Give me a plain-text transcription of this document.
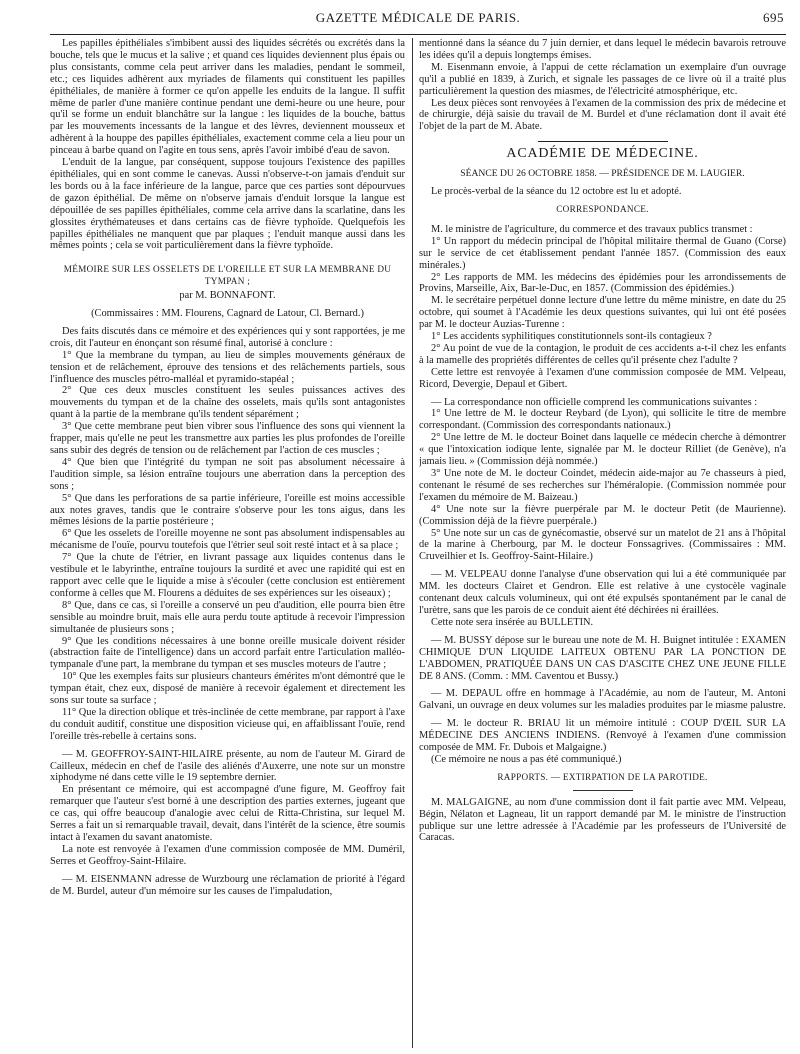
GAZETTE MÉDICALE DE PARIS.	695

Les papilles épithéliales s'imbibent aussi des liquides sécrétés ou excrétés dans la bouche, tels que le mucus et la salive ; et quand ces liquides deviennent plus épais ou plus consistants, comme cela peut arriver dans les maladies, pendant le sommeil, etc.; ces liquides adhèrent aux myriades de filaments qui constituent les papilles épithéliales, de manière à former ce qu'on appelle les enduits de la langue. Il suffit même de parler d'une manière continue pendant une demi-heure ou une heure, pour qu'il se forme un enduit blanchâtre sur la langue : les liquides de la bouche, battus par les mouvements incessants de la langue et des lèvres, deviennent mousseux et adhèrent à la houppe des papilles épithéliales, exactement comme cela a lieu pour un pinceau à barbe quand on l'agite en tous sens, après l'avoir imbibé d'eau de savon.

L'enduit de la langue, par conséquent, suppose toujours l'existence des papilles épithéliales, qui en sont comme le canevas. Aussi n'observe-t-on jamais d'enduit sur les bords ou à la face inférieure de la langue, parce que ces parties sont dépourvues de gazon épithélial. De même on n'observe jamais d'enduit lorsque la langue est dépouillée de ses papilles épithéliales, comme cela arrive dans la scarlatine, dans les glossites érythémateuses et dans certains cas de fièvre typhoïde. Quelquefois les papilles épithéliales ne manquent que par plaques ; l'enduit manque aussi dans les mêmes points ; cela se voit particulièrement dans la fièvre typhoïde.

MÉMOIRE SUR LES OSSELETS DE L'OREILLE ET SUR LA MEMBRANE DU TYMPAN ;
par M. BONNAFONT.
(Commissaires : MM. Flourens, Cagnard de Latour, Cl. Bernard.)

Des faits discutés dans ce mémoire et des expériences qui y sont rapportées, je me crois, dit l'auteur en énonçant son résumé final, autorisé à conclure :

1° Que la membrane du tympan, au lieu de simples mouvements généraux de tension et de relâchement, éprouve des tensions et des relâchements partiels, sous l'influence des muscles pétro-malléal et pyramido-stapéal ;

2° Que ces deux muscles constituent les seules puissances actives des mouvements du tympan et de la chaîne des osselets, mais qu'ils sont antagonistes quant à la partie de la membrane qu'ils tendent séparément ;

3° Que cette membrane peut bien vibrer sous l'influence des sons qui viennent la frapper, mais qu'elle ne peut les transmettre aux parties les plus profondes de l'oreille sans subir des degrés de tension ou de relâchement par l'action de ces muscles ;

4° Que bien que l'intégrité du tympan ne soit pas absolument nécessaire à l'audition simple, sa lésion entraîne toujours une aberration dans la perception des sons ;

5° Que dans les perforations de sa partie inférieure, l'oreille est moins accessible aux notes graves, tandis que le contraire s'observe pour les tons aigus, dans les mêmes lésions de la partie postérieure ;

6° Que les osselets de l'oreille moyenne ne sont pas absolument indispensables au mécanisme de l'ouïe, pourvu toutefois que l'étrier seul soit resté intact et à sa place ;

7° Que la chute de l'étrier, en livrant passage aux liquides contenus dans le vestibule et le labyrinthe, entraîne toujours la surdité et avec une rapidité qui est en rapport avec celle que le liquide a mise à s'écouler (cette conclusion est entièrement conforme à celles que M. Flourens a déduites de ses expériences sur les oiseaux) ;

8° Que, dans ce cas, si l'oreille a conservé un peu d'audition, elle pourra bien être sensible au moindre bruit, mais elle aura perdu toute aptitude à recevoir l'impression simultanée de plusieurs sons ;

9° Que les conditions nécessaires à une bonne oreille musicale doivent résider (abstraction faite de l'intelligence) dans un accord parfait entre l'articulation malléo-tympanale d'une part, la membrane du tympan et ses muscles moteurs de l'autre ;

10° Que les exemples faits sur plusieurs chanteurs émérites m'ont démontré que le tympan était, chez eux, disposé de manière à recevoir également et directement les sons sur toute sa surface ;

11° Que la direction oblique et très-inclinée de cette membrane, par rapport à l'axe du conduit auditif, constitue une disposition vicieuse qui, en affaiblissant l'ouïe, rend l'oreille très-rebelle à certains sons.

— M. GEOFFROY-SAINT-HILAIRE présente, au nom de l'auteur M. Girard de Cailleux, médecin en chef de l'asile des aliénés d'Auxerre, une note sur un monstre xiphodyme né dans cette ville le 19 septembre dernier.

En présentant ce mémoire, qui est accompagné d'une figure, M. Geoffroy fait remarquer que l'auteur s'est borné à une description des parties externes, jugeant que ce cas, qui offre beaucoup d'analogie avec celui de Ritta-Christina, sur lequel M. Serres a fait un si remarquable travail, devait, dans l'intérêt de la science, être soumis intact à l'examen du savant anatomiste.

La note est renvoyée à l'examen d'une commission composée de MM. Duméril, Serres et Geoffroy-Saint-Hilaire.

— M. EISENMANN adresse de Wurzbourg une réclamation de priorité à l'égard de M. Burdel, auteur d'un mémoire sur les causes de l'impaludation,

mentionné dans la séance du 7 juin dernier, et dans lequel le médecin bavarois retrouve les idées qu'il a depuis longtemps émises.

M. Eisenmann envoie, à l'appui de cette réclamation un exemplaire d'un ouvrage qu'il a publié en 1839, à Zurich, et signale les passages de ce livre où il a traité plus particulièrement la question des miasmes, de l'électricité atmosphérique, etc.

Les deux pièces sont renvoyées à l'examen de la commission des prix de médecine et de chirurgie, déjà saisie du travail de M. Burdel et d'une réclamation dont il avait été l'objet de la part de M. Abate.

ACADÉMIE DE MÉDECINE.
SÉANCE DU 26 OCTOBRE 1858. — PRÉSIDENCE DE M. LAUGIER.

Le procès-verbal de la séance du 12 octobre est lu et adopté.

CORRESPONDANCE.

M. le ministre de l'agriculture, du commerce et des travaux publics transmet :

1° Un rapport du médecin principal de l'hôpital militaire thermal de Guano (Corse) sur le service de cet établissement pendant l'année 1857. (Commission des eaux minérales.)

2° Les rapports de MM. les médecins des épidémies pour les arrondissements de Provins, Marseille, Aix, Bar-le-Duc, en 1857. (Commission des épidémies.)

M. le secrétaire perpétuel donne lecture d'une lettre du même ministre, en date du 25 octobre, qui soumet à l'Académie les deux questions suivantes, qui lui ont été posées par M. le docteur Auzias-Turenne :

1° Les accidents syphilitiques constitutionnels sont-ils contagieux ?

2° Au point de vue de la contagion, le produit de ces accidents a-t-il chez les enfants à la mamelle des propriétés différentes de celles qu'il présente chez l'adulte ?

Cette lettre est renvoyée à l'examen d'une commission composée de MM. Velpeau, Ricord, Devergie, Depaul et Gibert.

— La correspondance non officielle comprend les communications suivantes :

1° Une lettre de M. le docteur Reybard (de Lyon), qui sollicite le titre de membre correspondant. (Commission des correspondants nationaux.)

2° Une lettre de M. le docteur Boinet dans laquelle ce médecin cherche à démontrer « que l'intoxication iodique lente, signalée par M. le docteur Rilliet (de Genève), n'a jamais lieu. » (Commission déjà nommée.)

3° Une note de M. le docteur Coindet, médecin aide-major au 7e chasseurs à pied, contenant le résumé de ses recherches sur l'héméralopie. (Commission nommée pour l'examen du mémoire de M. Baizeau.)

4° Une note sur la fièvre puerpérale par M. le docteur Petit (de Maurienne). (Commission déjà de la fièvre puerpérale.)

5° Une note sur un cas de gynécomastie, observé sur un matelot de 21 ans à l'hôpital de la marine à Cherbourg, par M. le docteur Fonssagrives. (Commissaires : MM. Cruveilhier et Is. Geoffroy-Saint-Hilaire.)

— M. VELPEAU donne l'analyse d'une observation qui lui a été communiquée par MM. les docteurs Clairet et Gendron. Elle est relative à une cystocèle vaginale contenant deux calculs volumineux, qui ont été expulsés spontanément par le canal de l'urètre, sans que les parois de ce conduit aient été déchirées ni éraillées.

Cette note sera insérée au BULLETIN.

— M. BUSSY dépose sur le bureau une note de M. H. Buignet intitulée : EXAMEN CHIMIQUE D'UN LIQUIDE LAITEUX OBTENU PAR LA PONCTION DE L'ABDOMEN, PRATIQUÉE DANS UN CAS D'ASCITE CHEZ UNE JEUNE FILLE DE 8 ANS. (Comm. : MM. Caventou et Bussy.)

— M. DEPAUL offre en hommage à l'Académie, au nom de l'auteur, M. Antoni Galvani, un ouvrage en deux volumes sur les maladies produites par le miasme palustre.

— M. le docteur R. BRIAU lit un mémoire intitulé : COUP D'ŒIL SUR LA MÉDECINE DES ANCIENS INDIENS. (Renvoyé à l'examen d'une commission composée de MM. Fr. Dubois et Malgaigne.)

(Ce mémoire ne nous a pas été communiqué.)

RAPPORTS. — EXTIRPATION DE LA PAROTIDE.

M. MALGAIGNE, au nom d'une commission dont il fait partie avec MM. Velpeau, Bégin, Nélaton et Lagneau, lit un rapport demandé par M. le ministre de l'instruction publique sur une lettre adressée à l'Académie par les professeurs de l'Université de Caracas.
